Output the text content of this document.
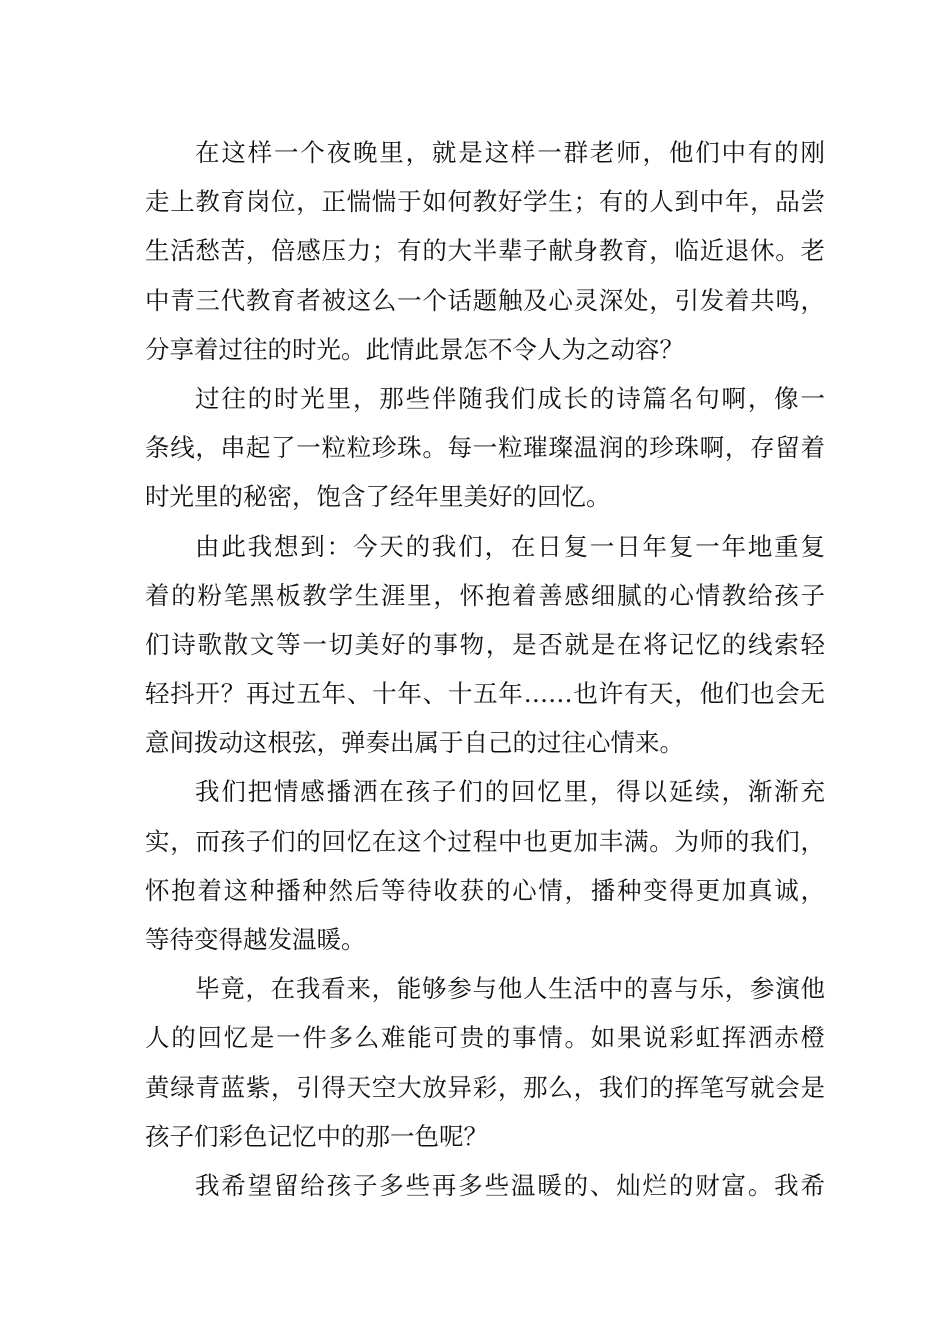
在这样一个夜晚里，就是这样一群老师，他们中有的刚
走上教育岗位，正惴惴于如何教好学生；有的人到中年，品尝
生活愁苦，倍感压力；有的大半辈子献身教育，临近退休。老
中青三代教育者被这么一个话题触及心灵深处，引发着共鸣，
分享着过往的时光。此情此景怎不令人为之动容？
过往的时光里，那些伴随我们成长的诗篇名句啊，像一
条线，串起了一粒粒珍珠。每一粒璀璨温润的珍珠啊，存留着
时光里的秘密，饱含了经年里美好的回忆。
由此我想到：今天的我们，在日复一日年复一年地重复
着的粉笔黑板教学生涯里，怀抱着善感细腻的心情教给孩子
们诗歌散文等一切美好的事物，是否就是在将记忆的线索轻
轻抖开？再过五年、十年、十五年……也许有天，他们也会无
意间拨动这根弦，弹奏出属于自己的过往心情来。
我们把情感播洒在孩子们的回忆里，得以延续，渐渐充
实，而孩子们的回忆在这个过程中也更加丰满。为师的我们，
怀抱着这种播种然后等待收获的心情，播种变得更加真诚，
等待变得越发温暖。
毕竟，在我看来，能够参与他人生活中的喜与乐，参演他
人的回忆是一件多么难能可贵的事情。如果说彩虹挥洒赤橙
黄绿青蓝紫，引得天空大放异彩，那么，我们的挥笔写就会是
孩子们彩色记忆中的那一色呢？
我希望留给孩子多些再多些温暖的、灿烂的财富。我希
